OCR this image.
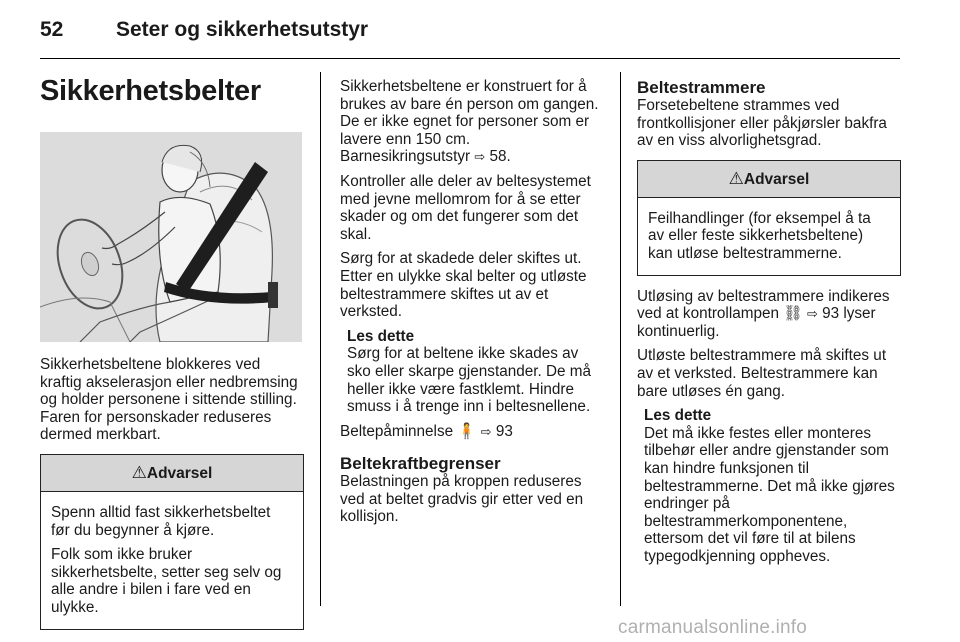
52	Seter og sikkerhetsutstyr
Sikkerhetsbelter

Sikkerhetsbeltene blokkeres ved kraftig akselerasjon eller nedbremsing og holder personene i sittende stilling. Faren for personskader reduseres dermed merkbart.

⚠Advarsel

Spenn alltid fast sikkerhetsbeltet før du begynner å kjøre.

Folk som ikke bruker sikkerhetsbelte, setter seg selv og alle andre i bilen i fare ved en ulykke.

Sikkerhetsbeltene er konstruert for å brukes av bare én person om gangen. De er ikke egnet for personer som er lavere enn 150 cm. Barnesikringsutstyr ⇨ 58.

Kontroller alle deler av beltesystemet med jevne mellomrom for å se etter skader og om det fungerer som det skal.

Sørg for at skadede deler skiftes ut. Etter en ulykke skal belter og utløste beltestrammere skiftes ut av et verksted.

Les dette
Sørg for at beltene ikke skades av sko eller skarpe gjenstander. De må heller ikke være fastklemt. Hindre smuss i å trenge inn i beltesnellene.

Beltepåminnelse 🧍 ⇨ 93

Beltekraftbegrenser

Belastningen på kroppen reduseres ved at beltet gradvis gir etter ved en kollisjon.

Beltestrammere

Forsetebeltene strammes ved frontkollisjoner eller påkjørsler bakfra av en viss alvorlighetsgrad.

⚠Advarsel

Feilhandlinger (for eksempel å ta av eller feste sikkerhetsbeltene) kan utløse beltestrammerne.

Utløsing av beltestrammere indikeres ved at kontrollampen ⛓ ⇨ 93 lyser kontinuerlig.

Utløste beltestrammere må skiftes ut av et verksted. Beltestrammere kan bare utløses én gang.

Les dette
Det må ikke festes eller monteres tilbehør eller andre gjenstander som kan hindre funksjonen til beltestrammerne. Det må ikke gjøres endringer på beltestrammerkomponentene, ettersom det vil føre til at bilens typegodkjenning oppheves.
carmanualsonline.info
